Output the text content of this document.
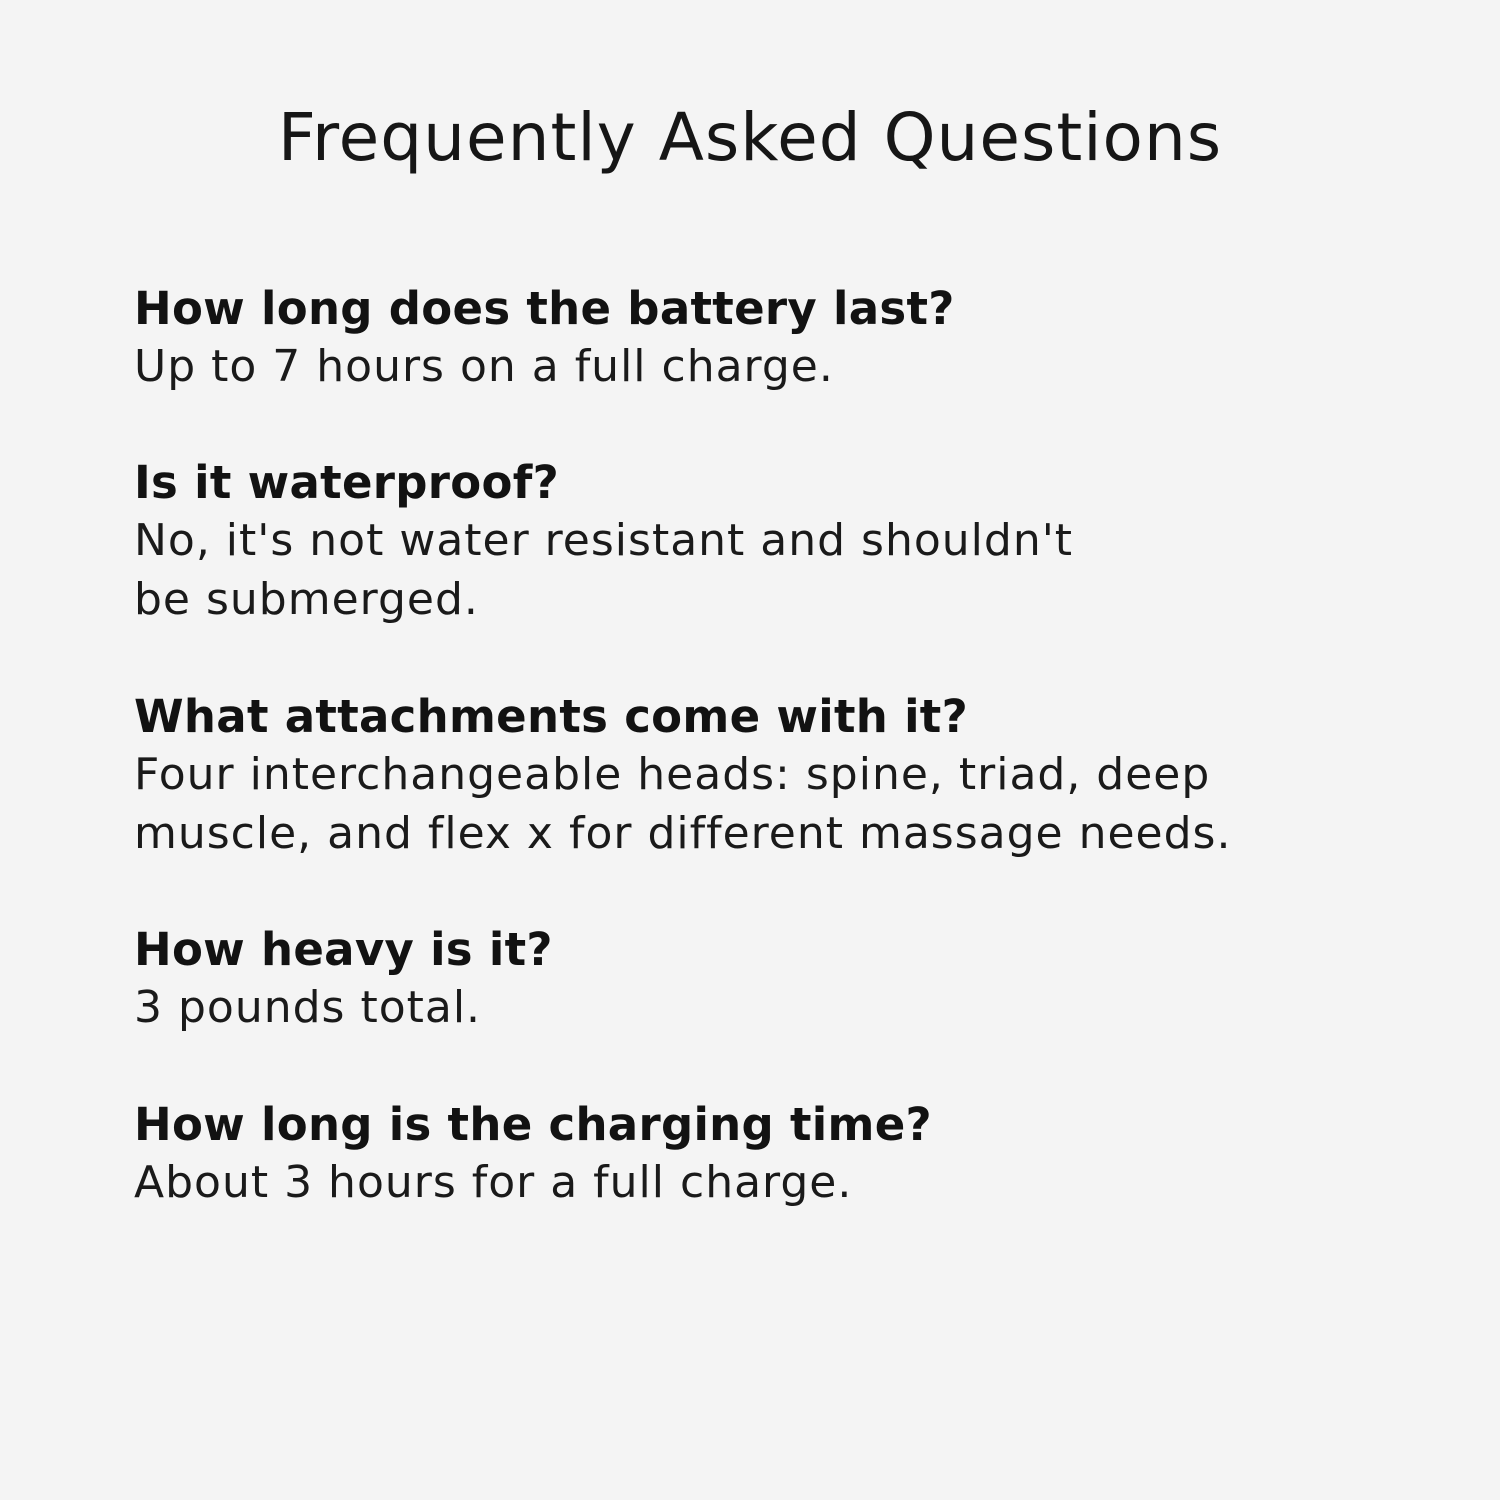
Frequently Asked Questions

How long does the battery last?

Up to 7 hours on a full charge.

Is it waterproof?

No, it's not water resistant and shouldn't

be submerged.

What attachments come with it?

Four interchangeable heads: spine, triad, deep

muscle, and flex x for different massage needs.

How heavy is it?

3 pounds total.

How long is the charging time?

About 3 hours for a full charge.
